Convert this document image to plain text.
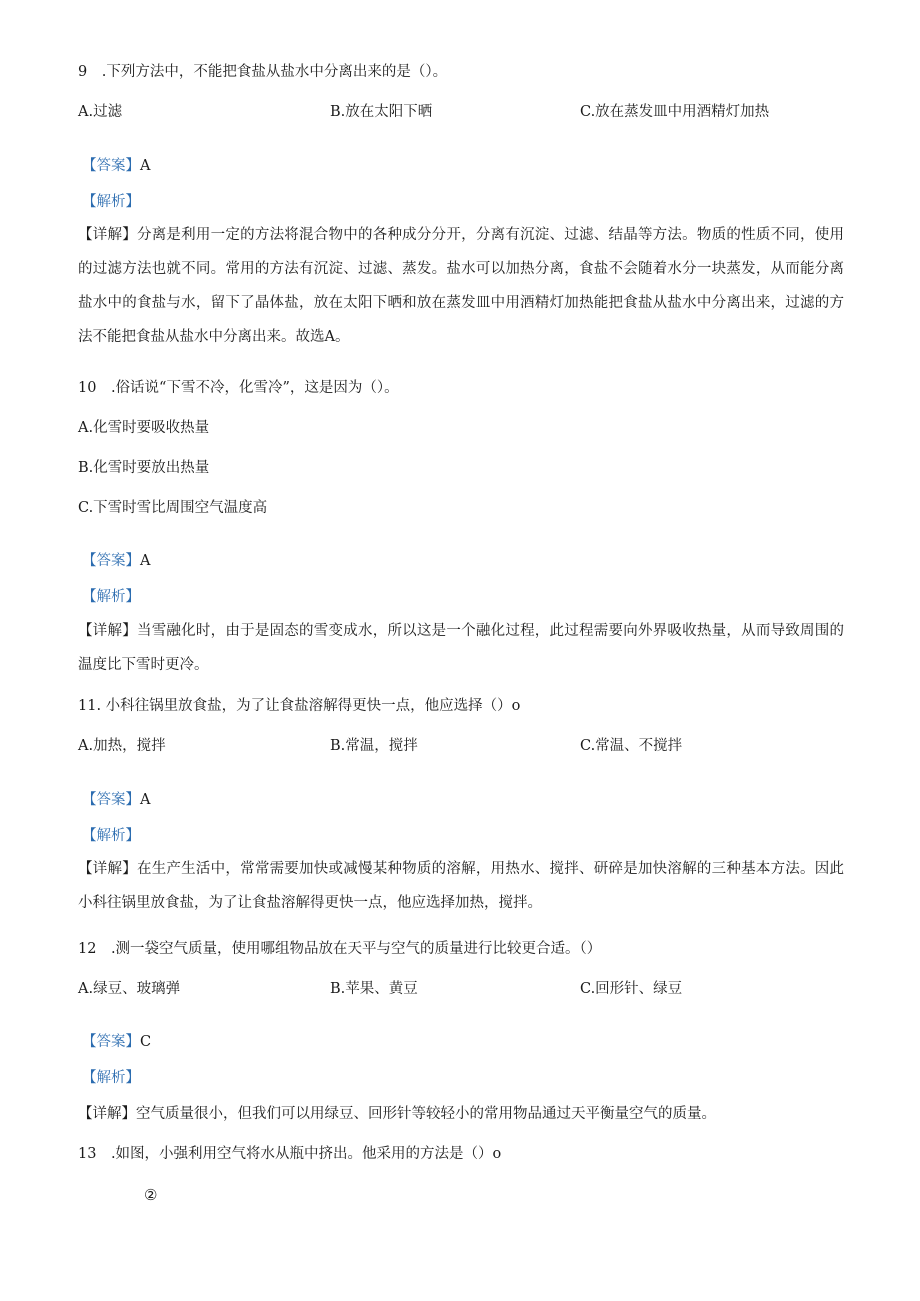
9 .下列方法中，不能把食盐从盐水中分离出来的是（）。
A.过滤	B.放在太阳下晒	C.放在蒸发皿中用酒精灯加热
【答案】A
【解析】
【详解】分离是利用一定的方法将混合物中的各种成分分开，分离有沉淀、过滤、结晶等方法。物质的性质不同，使用的过滤方法也就不同。常用的方法有沉淀、过滤、蒸发。盐水可以加热分离，食盐不会随着水分一块蒸发，从而能分离盐水中的食盐与水，留下了晶体盐，放在太阳下晒和放在蒸发皿中用酒精灯加热能把食盐从盐水中分离出来，过滤的方法不能把食盐从盐水中分离出来。故选A。
10 .俗话说“下雪不冷，化雪冷”，这是因为（）。
A.化雪时要吸收热量
B.化雪时要放出热量
C.下雪时雪比周围空气温度高
【答案】A
【解析】
【详解】当雪融化时，由于是固态的雪变成水，所以这是一个融化过程，此过程需要向外界吸收热量，从而导致周围的温度比下雪时更冷。
11. 小科往锅里放食盐，为了让食盐溶解得更快一点，他应选择（）o
A.加热，搅拌	B.常温，搅拌	C.常温、不搅拌
【答案】A
【解析】
【详解】在生产生活中，常常需要加快或减慢某种物质的溶解，用热水、搅拌、研碎是加快溶解的三种基本方法。因此小科往锅里放食盐，为了让食盐溶解得更快一点，他应选择加热，搅拌。
12 .测一袋空气质量，使用哪组物品放在天平与空气的质量进行比较更合适。（）
A.绿豆、玻璃弹	B.苹果、黄豆	C.回形针、绿豆
【答案】C
【解析】
【详解】空气质量很小，但我们可以用绿豆、回形针等较轻小的常用物品通过天平衡量空气的质量。
13 .如图，小强利用空气将水从瓶中挤出。他采用的方法是（）o
②
